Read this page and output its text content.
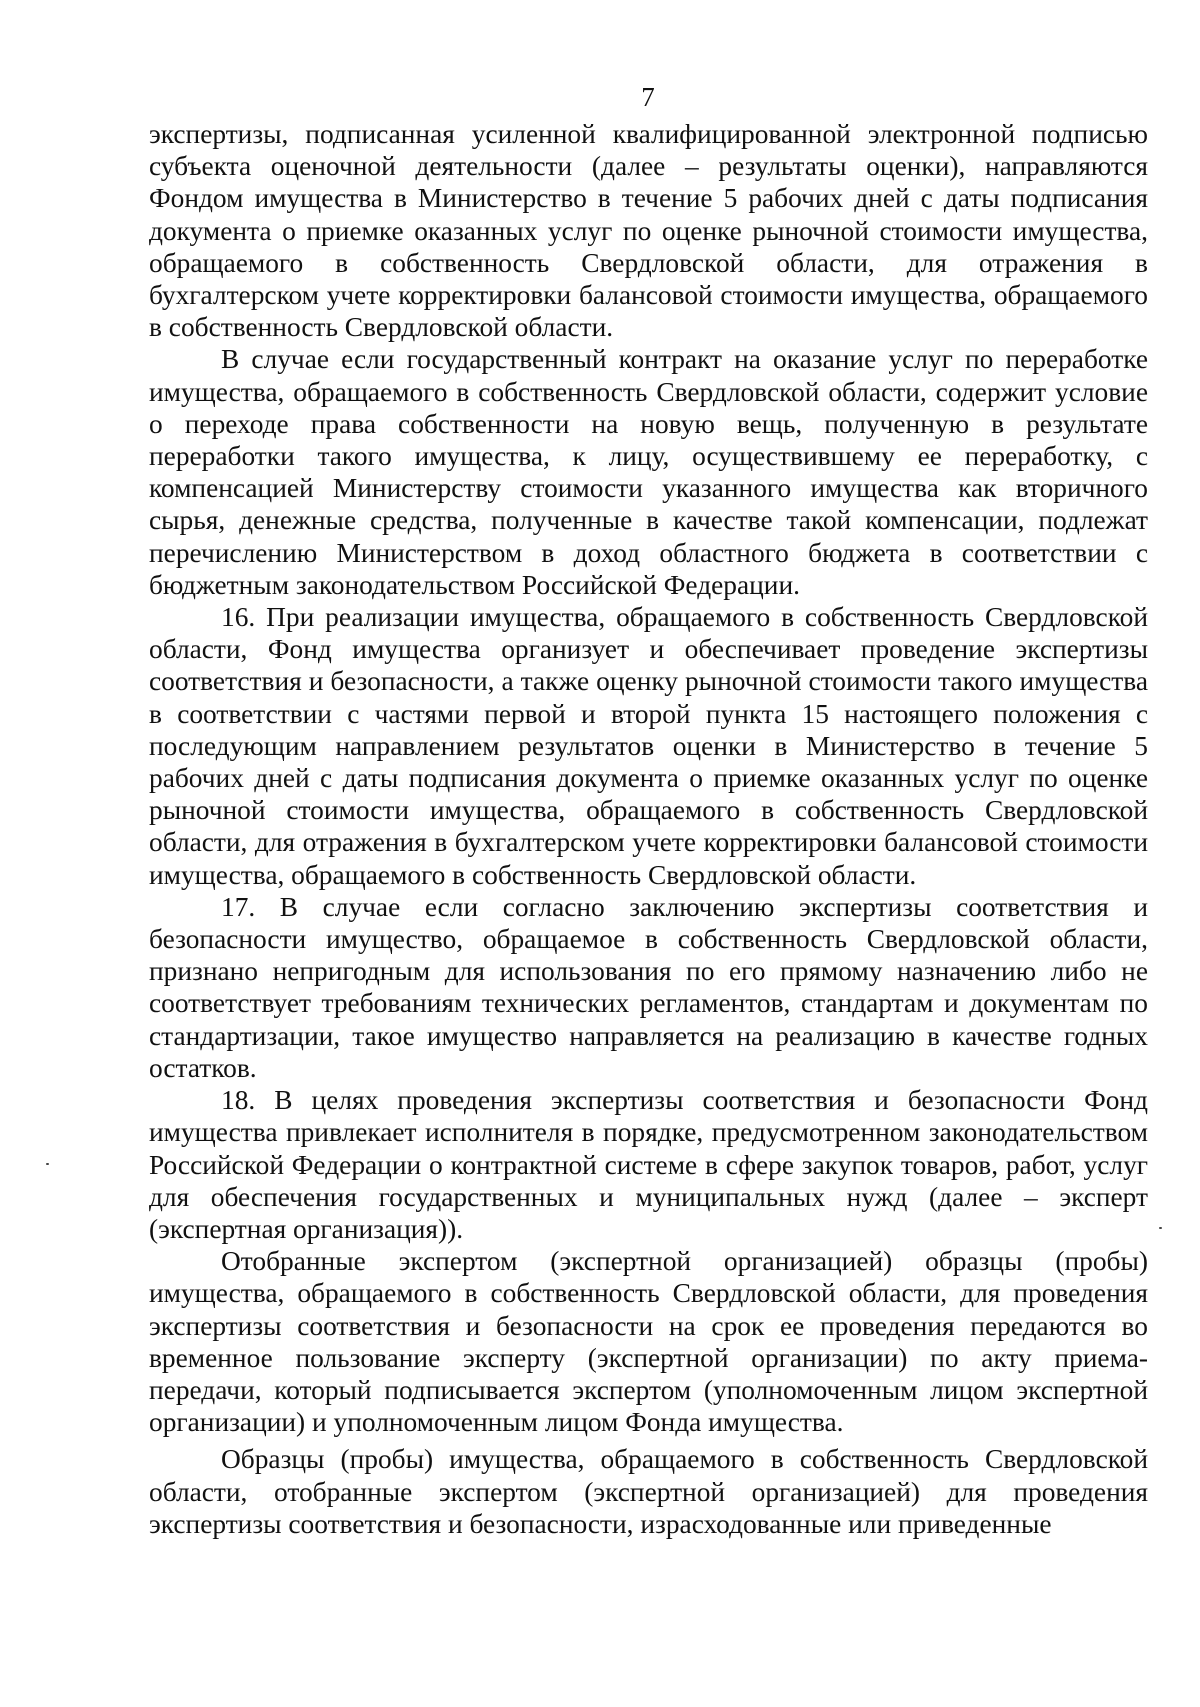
7

экспертизы, подписанная усиленной квалифицированной электронной подписью субъекта оценочной деятельности (далее – результаты оценки), направляются Фондом имущества в Министерство в течение 5 рабочих дней с даты подписания документа о приемке оказанных услуг по оценке рыночной стоимости имущества, обращаемого в собственность Свердловской области, для отражения в бухгалтерском учете корректировки балансовой стоимости имущества, обращаемого в собственность Свердловской области.

В случае если государственный контракт на оказание услуг по переработке имущества, обращаемого в собственность Свердловской области, содержит условие о переходе права собственности на новую вещь, полученную в результате переработки такого имущества, к лицу, осуществившему ее переработку, с компенсацией Министерству стоимости указанного имущества как вторичного сырья, денежные средства, полученные в качестве такой компенсации, подлежат перечислению Министерством в доход областного бюджета в соответствии с бюджетным законодательством Российской Федерации.

16. При реализации имущества, обращаемого в собственность Свердловской области, Фонд имущества организует и обеспечивает проведение экспертизы соответствия и безопасности, а также оценку рыночной стоимости такого имущества в соответствии с частями первой и второй пункта 15 настоящего положения с последующим направлением результатов оценки в Министерство в течение 5 рабочих дней с даты подписания документа о приемке оказанных услуг по оценке рыночной стоимости имущества, обращаемого в собственность Свердловской области, для отражения в бухгалтерском учете корректировки балансовой стоимости имущества, обращаемого в собственность Свердловской области.

17. В случае если согласно заключению экспертизы соответствия и безопасности имущество, обращаемое в собственность Свердловской области, признано непригодным для использования по его прямому назначению либо не соответствует требованиям технических регламентов, стандартам и документам по стандартизации, такое имущество направляется на реализацию в качестве годных остатков.

18. В целях проведения экспертизы соответствия и безопасности Фонд имущества привлекает исполнителя в порядке, предусмотренном законодательством Российской Федерации о контрактной системе в сфере закупок товаров, работ, услуг для обеспечения государственных и муниципальных нужд (далее – эксперт (экспертная организация)).

Отобранные экспертом (экспертной организацией) образцы (пробы) имущества, обращаемого в собственность Свердловской области, для проведения экспертизы соответствия и безопасности на срок ее проведения передаются во временное пользование эксперту (экспертной организации) по акту приема-передачи, который подписывается экспертом (уполномоченным лицом экспертной организации) и уполномоченным лицом Фонда имущества.

Образцы (пробы) имущества, обращаемого в собственность Свердловской области, отобранные экспертом (экспертной организацией) для проведения экспертизы соответствия и безопасности, израсходованные или приведенные
